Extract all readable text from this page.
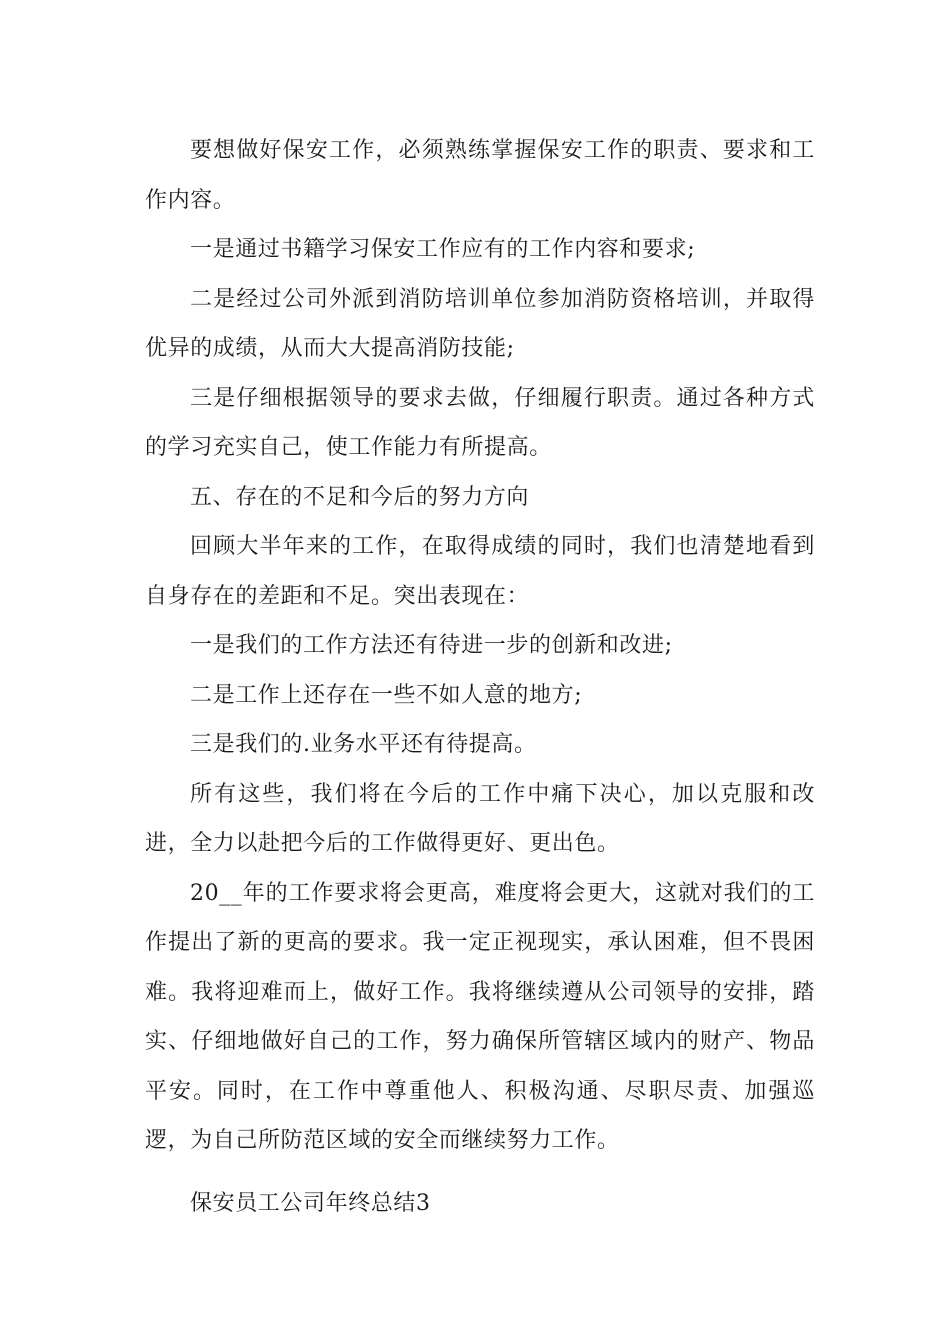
要想做好保安工作，必须熟练掌握保安工作的职责、要求和工作内容。

一是通过书籍学习保安工作应有的工作内容和要求;

二是经过公司外派到消防培训单位参加消防资格培训，并取得优异的成绩，从而大大提高消防技能;

三是仔细根据领导的要求去做，仔细履行职责。通过各种方式的学习充实自己，使工作能力有所提高。

五、存在的不足和今后的努力方向

回顾大半年来的工作，在取得成绩的同时，我们也清楚地看到自身存在的差距和不足。突出表现在：

一是我们的工作方法还有待进一步的创新和改进;

二是工作上还存在一些不如人意的地方;

三是我们的.业务水平还有待提高。

所有这些，我们将在今后的工作中痛下决心，加以克服和改进，全力以赴把今后的工作做得更好、更出色。

20__年的工作要求将会更高，难度将会更大，这就对我们的工作提出了新的更高的要求。我一定正视现实，承认困难，但不畏困难。我将迎难而上，做好工作。我将继续遵从公司领导的安排，踏实、仔细地做好自己的工作，努力确保所管辖区域内的财产、物品平安。同时，在工作中尊重他人、积极沟通、尽职尽责、加强巡逻，为自己所防范区域的安全而继续努力工作。

保安员工公司年终总结3
